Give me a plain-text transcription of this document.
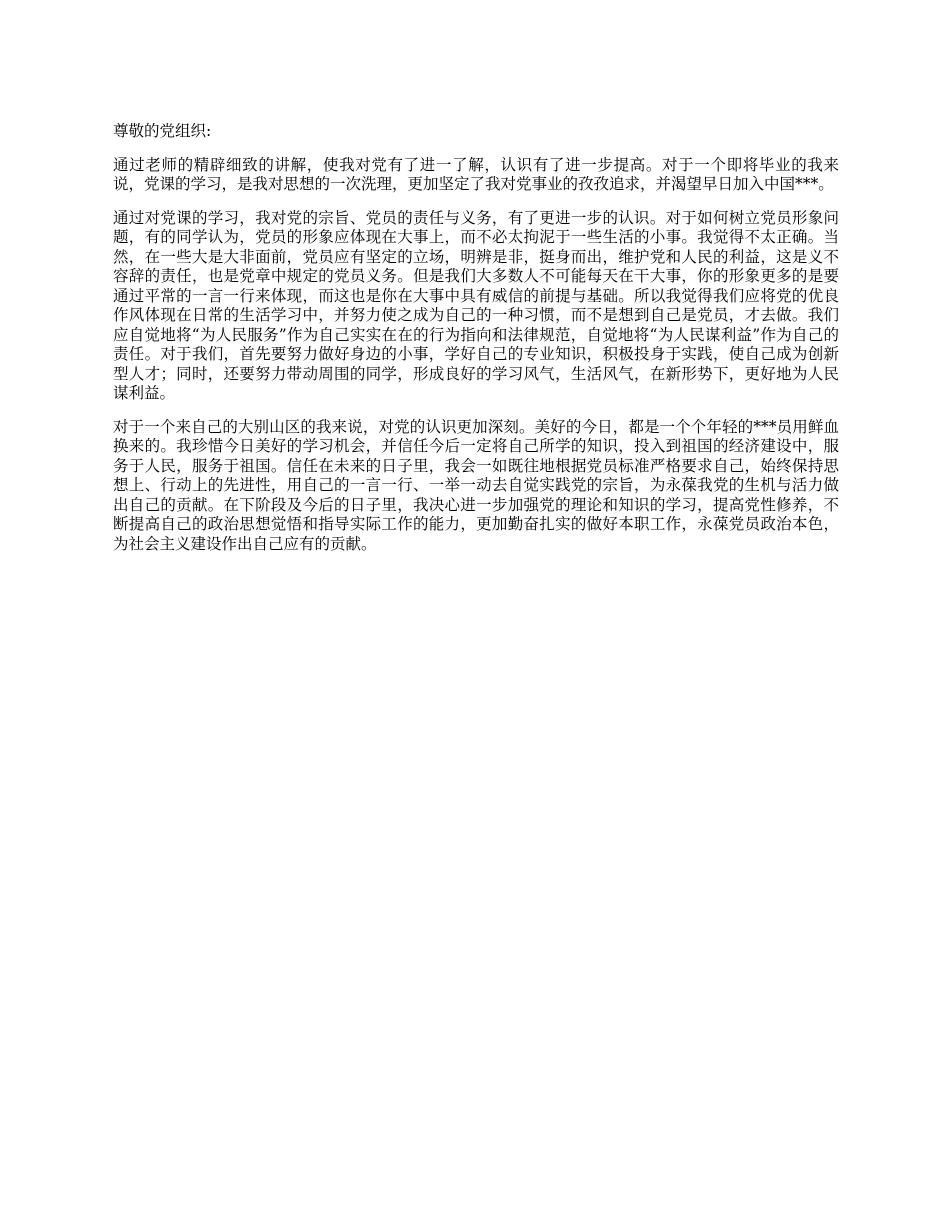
尊敬的党组织:

通过老师的精辟细致的讲解，使我对党有了进一了解，认识有了进一步提高。对于一个即将毕业的我来说，党课的学习，是我对思想的一次洗理，更加坚定了我对党事业的孜孜追求，并渴望早日加入中国***。

通过对党课的学习，我对党的宗旨、党员的责任与义务，有了更进一步的认识。对于如何树立党员形象问题，有的同学认为，党员的形象应体现在大事上，而不必太拘泥于一些生活的小事。我觉得不太正确。当然，在一些大是大非面前，党员应有坚定的立场，明辨是非，挺身而出，维护党和人民的利益，这是义不容辞的责任，也是党章中规定的党员义务。但是我们大多数人不可能每天在干大事，你的形象更多的是要通过平常的一言一行来体现，而这也是你在大事中具有威信的前提与基础。所以我觉得我们应将党的优良作风体现在日常的生活学习中，并努力使之成为自己的一种习惯，而不是想到自己是党员，才去做。我们应自觉地将“为人民服务”作为自己实实在在的行为指向和法律规范，自觉地将“为人民谋利益”作为自己的责任。对于我们，首先要努力做好身边的小事，学好自己的专业知识，积极投身于实践，使自己成为创新型人才；同时，还要努力带动周围的同学，形成良好的学习风气，生活风气，在新形势下，更好地为人民谋利益。

对于一个来自己的大别山区的我来说，对党的认识更加深刻。美好的今日，都是一个个年轻的***员用鲜血换来的。我珍惜今日美好的学习机会，并信任今后一定将自己所学的知识，投入到祖国的经济建设中，服务于人民，服务于祖国。信任在未来的日子里，我会一如既往地根据党员标准严格要求自己，始终保持思想上、行动上的先进性，用自己的一言一行、一举一动去自觉实践党的宗旨，为永葆我党的生机与活力做出自己的贡献。在下阶段及今后的日子里，我决心进一步加强党的理论和知识的学习，提高党性修养，不断提高自己的政治思想觉悟和指导实际工作的能力，更加勤奋扎实的做好本职工作，永葆党员政治本色，为社会主义建设作出自己应有的贡献。
